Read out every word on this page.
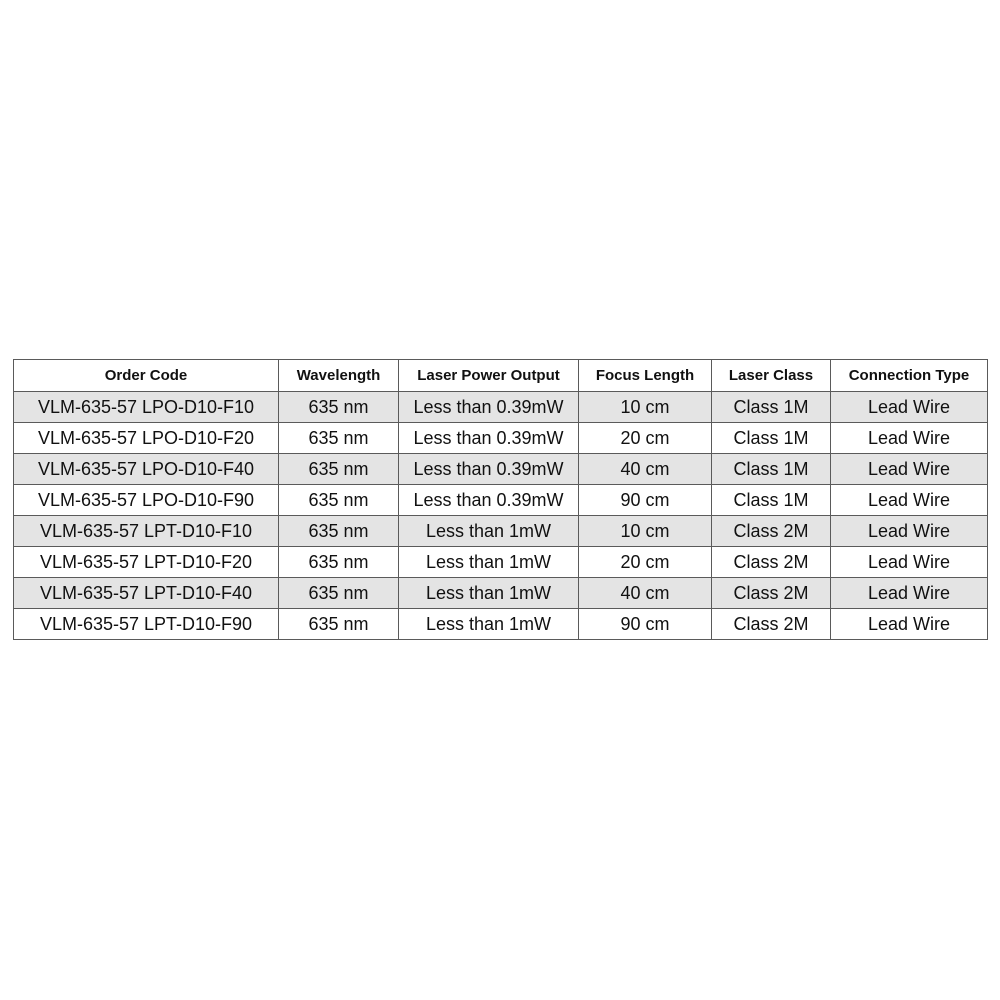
Order Code	Wavelength	Laser Power Output	Focus Length	Laser Class	Connection Type
VLM-635-57 LPO-D10-F10	635 nm	Less than 0.39mW	10 cm	Class 1M	Lead Wire
VLM-635-57 LPO-D10-F20	635 nm	Less than 0.39mW	20 cm	Class 1M	Lead Wire
VLM-635-57 LPO-D10-F40	635 nm	Less than 0.39mW	40 cm	Class 1M	Lead Wire
VLM-635-57 LPO-D10-F90	635 nm	Less than 0.39mW	90 cm	Class 1M	Lead Wire
VLM-635-57 LPT-D10-F10	635 nm	Less than 1mW	10 cm	Class 2M	Lead Wire
VLM-635-57 LPT-D10-F20	635 nm	Less than 1mW	20 cm	Class 2M	Lead Wire
VLM-635-57 LPT-D10-F40	635 nm	Less than 1mW	40 cm	Class 2M	Lead Wire
VLM-635-57 LPT-D10-F90	635 nm	Less than 1mW	90 cm	Class 2M	Lead Wire
